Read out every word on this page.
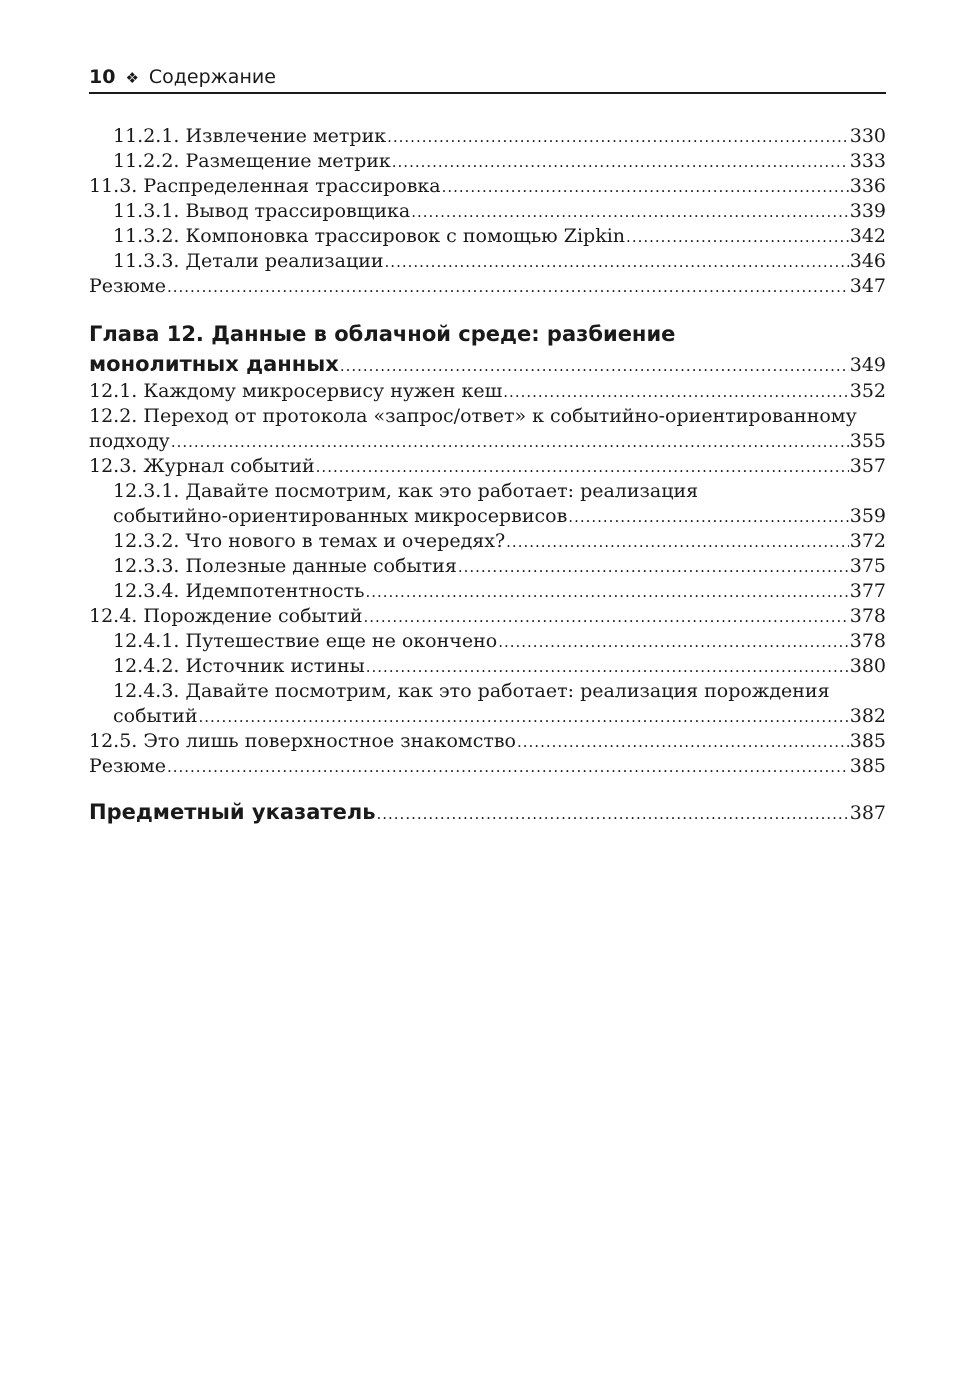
10 ❖ Содержание
11.2.1. Извлечение метрик .....	330
11.2.2. Размещение метрик .....	333
11.3. Распределенная трассировка .....	336
11.3.1. Вывод трассировщика .....	339
11.3.2. Компоновка трассировок с помощью Zipkin .....	342
11.3.3. Детали реализации .....	346
Резюме .....	347
Глава 12. Данные в облачной среде: разбиение
монолитных данных .....	349
12.1. Каждому микросервису нужен кеш .....	352
12.2. Переход от протокола «запрос/ответ» к событийно-ориентированному
подходу .....	355
12.3. Журнал событий .....	357
12.3.1. Давайте посмотрим, как это работает: реализация
событийно-ориентированных микросервисов .....	359
12.3.2. Что нового в темах и очередях? .....	372
12.3.3. Полезные данные события .....	375
12.3.4. Идемпотентность .....	377
12.4. Порождение событий .....	378
12.4.1. Путешествие еще не окончено .....	378
12.4.2. Источник истины .....	380
12.4.3. Давайте посмотрим, как это работает: реализация порождения
событий .....	382
12.5. Это лишь поверхностное знакомство .....	385
Резюме .....	385
Предметный указатель .....	387
